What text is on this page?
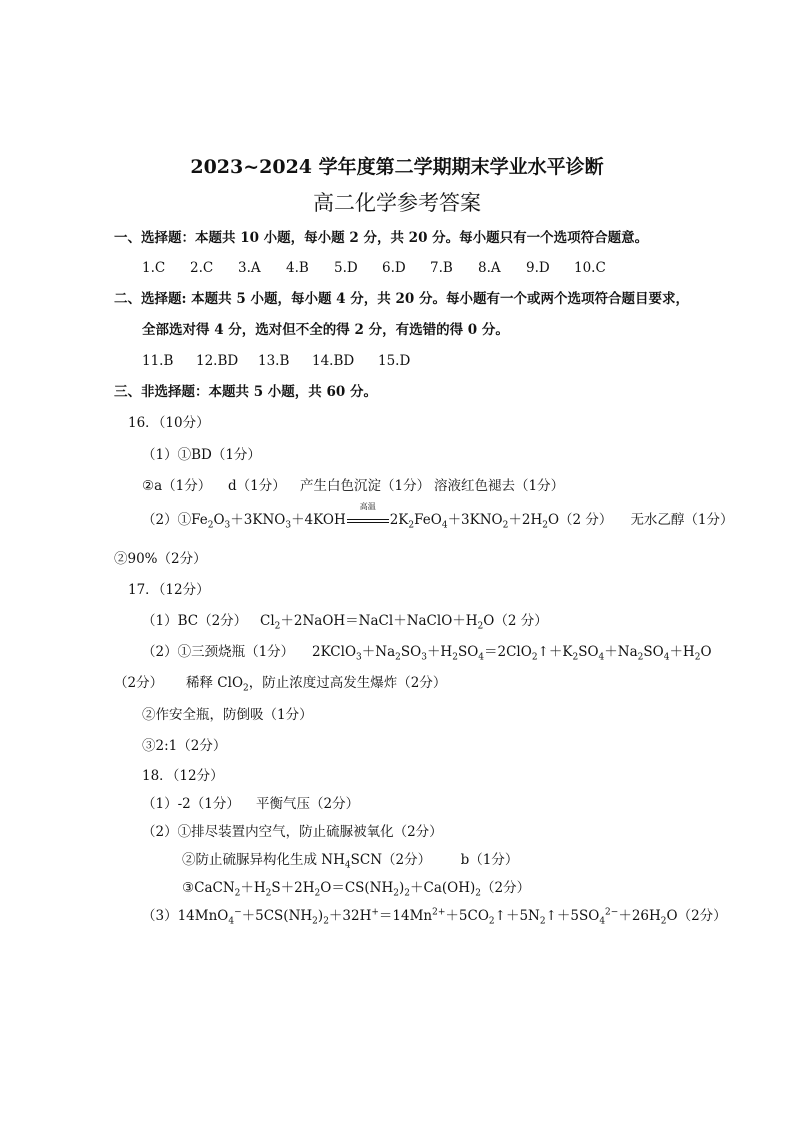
2023~2024 学年度第二学期期末学业水平诊断
高二化学参考答案
一、选择题：本题共 10 小题，每小题 2 分，共 20 分。每小题只有一个选项符合题意。
1.C 2.C 3.A 4.B 5.D 6.D 7.B 8.A 9.D 10.C
二、选择题: 本题共 5 小题，每小题 4 分，共 20 分。每小题有一个或两个选项符合题目要求，
全部选对得 4 分，选对但不全的得 2 分，有选错的得 0 分。
11.B 12.BD 13.B 14.BD 15.D
三、非选择题：本题共 5 小题，共 60 分。
16．（10分）
（1）①BD（1分）
②a（1分） d（1分） 产生白色沉淀（1分） 溶液红色褪去（1分）
$(2)①Fe_2O_3+3KNO_3+4KOH$
高温
$2K_2FeO_4+3KNO_2+2H_2O(2$ 分） 无水乙醇（1分）
②90%（2分）
17．（12分）
（1）BC（2分） $Cl_2+2NaOH=NaCl+NaClO+H_2O(2$ 分）
（2）①三颈烧瓶（1分） $2KClO_3+Na_2SO_3+H_2SO_4=2ClO_2↑+K_2SO_4+Na_2SO_4+H_2O$
（2分） 稀释 ClO$_2$，防止浓度过高发生爆炸（2分）
②作安全瓶，防倒吸（1分）
③2:1（2分）
18．（12分）
（1）-2（1分） 平衡气压（2分）
（2）①排尽装置内空气，防止硫脲被氧化（2分）
②防止硫脲异构化生成 $NH_4SCN(2$分） b（1分）
$③CaCN_2+H_2S+2H_2O=CS(NH_2)_2+Ca(OH)_2(2$分）
$(3)14MnO_4^-+5CS(NH_2)_2+32H^+=14Mn^{2+}+5CO_2↑+5N_2↑+5SO_4^{2-}+26H_2O(2$分）
